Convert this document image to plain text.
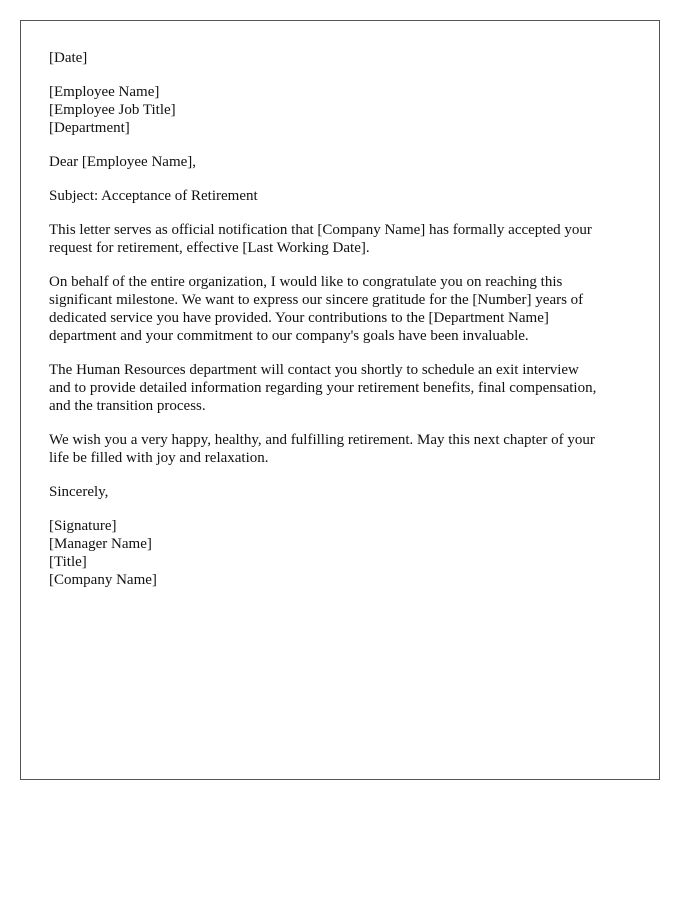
[Date]
[Employee Name]
[Employee Job Title]
[Department]
Dear [Employee Name],
Subject: Acceptance of Retirement

This letter serves as official notification that [Company Name] has formally accepted your
request for retirement, effective [Last Working Date].

On behalf of the entire organization, I would like to congratulate you on reaching this
significant milestone. We want to express our sincere gratitude for the [Number] years of
dedicated service you have provided. Your contributions to the [Department Name]
department and your commitment to our company's goals have been invaluable.

The Human Resources department will contact you shortly to schedule an exit interview
and to provide detailed information regarding your retirement benefits, final compensation,
and the transition process.

We wish you a very happy, healthy, and fulfilling retirement. May this next chapter of your
life be filled with joy and relaxation.

Sincerely,
[Signature]
[Manager Name]
[Title]
[Company Name]
